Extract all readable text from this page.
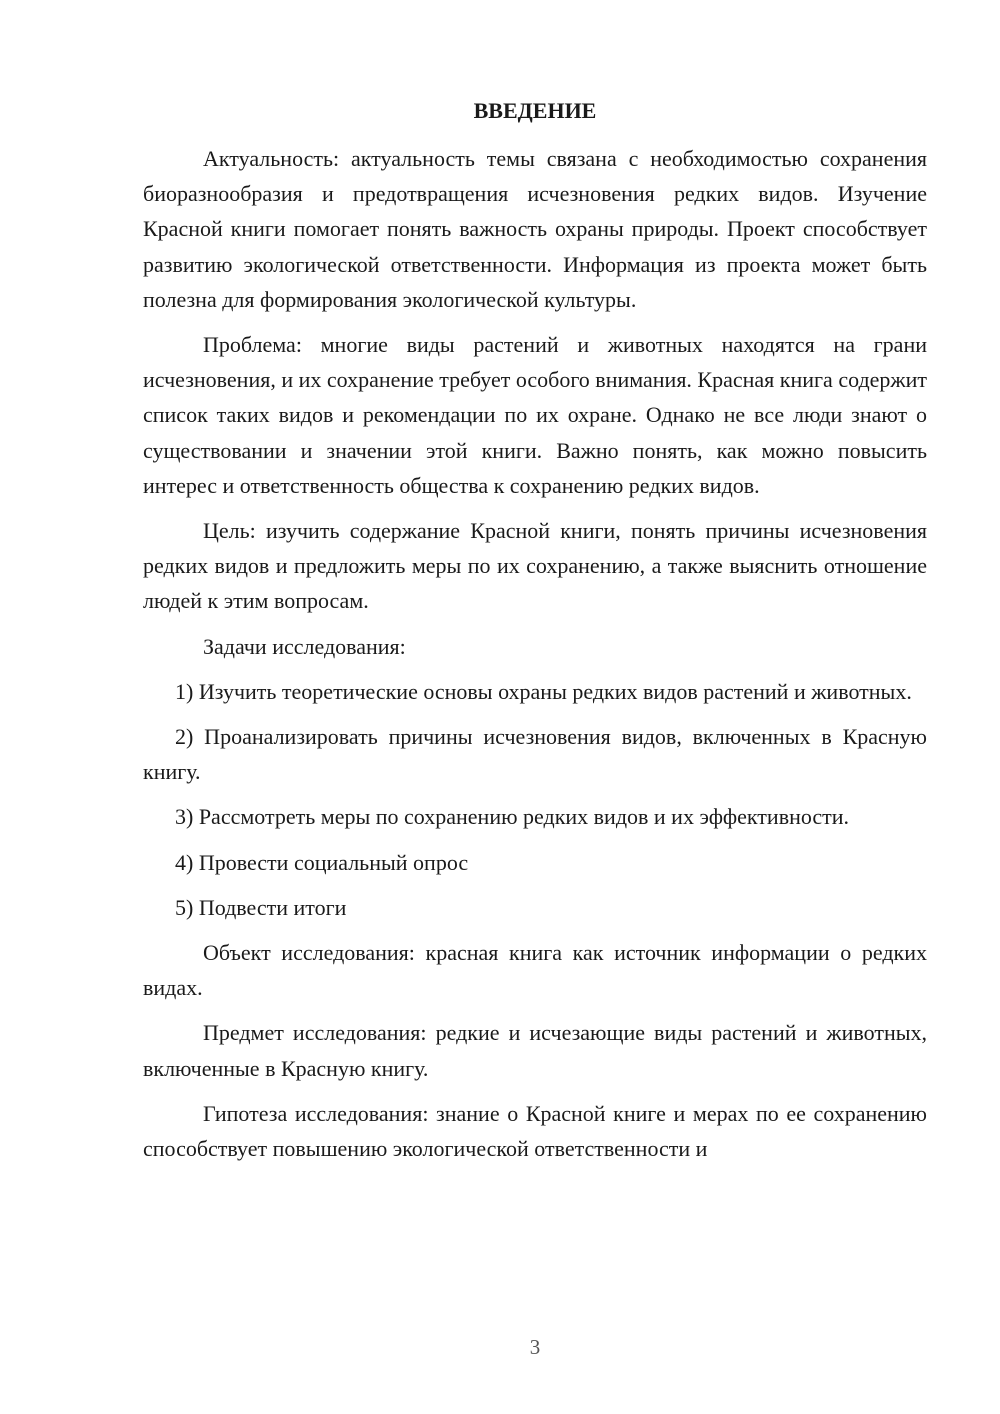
ВВЕДЕНИЕ

Актуальность: актуальность темы связана с необходимостью сохранения биоразнообразия и предотвращения исчезновения редких видов. Изучение Красной книги помогает понять важность охраны природы. Проект способствует развитию экологической ответственности. Информация из проекта может быть полезна для формирования экологической культуры.

Проблема: многие виды растений и животных находятся на грани исчезновения, и их сохранение требует особого внимания. Красная книга содержит список таких видов и рекомендации по их охране. Однако не все люди знают о существовании и значении этой книги. Важно понять, как можно повысить интерес и ответственность общества к сохранению редких видов.

Цель: изучить содержание Красной книги, понять причины исчезновения редких видов и предложить меры по их сохранению, а также выяснить отношение людей к этим вопросам.

Задачи исследования:

1) Изучить теоретические основы охраны редких видов растений и животных.

2) Проанализировать причины исчезновения видов, включенных в Красную книгу.

3) Рассмотреть меры по сохранению редких видов и их эффективности.

4) Провести социальный опрос

5) Подвести итоги

Объект исследования: красная книга как источник информации о редких видах.

Предмет исследования: редкие и исчезающие виды растений и животных, включенные в Красную книгу.

Гипотеза исследования: знание о Красной книге и мерах по ее сохранению способствует повышению экологической ответственности и

3
